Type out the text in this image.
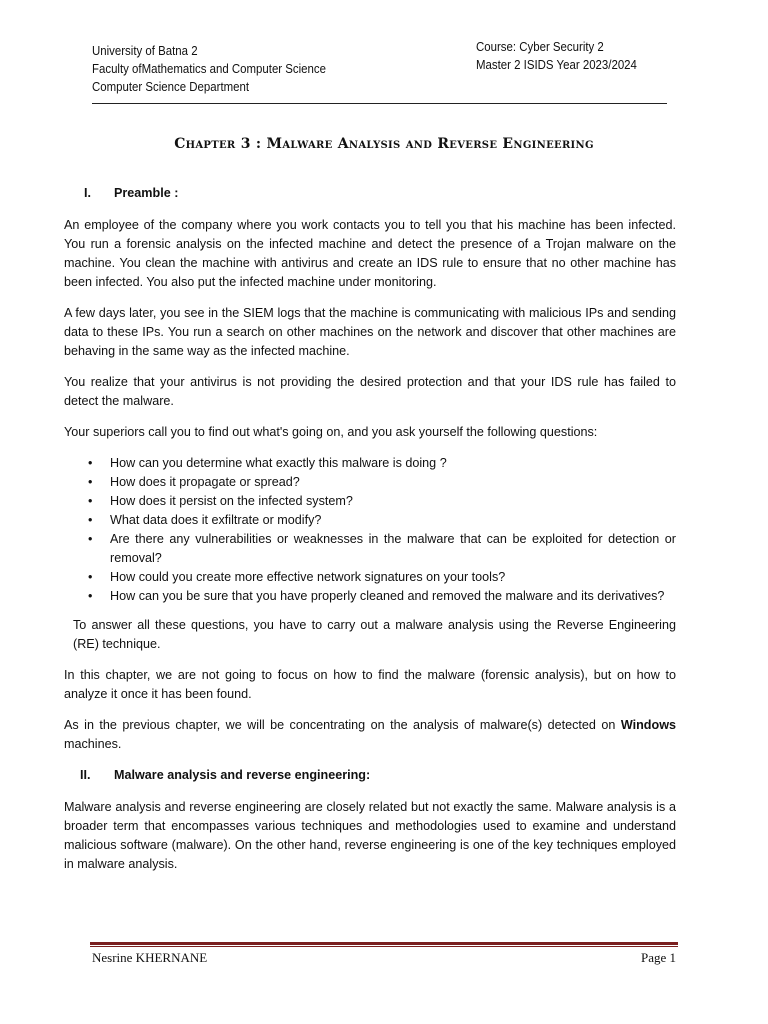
University of Batna 2
Faculty ofMathematics and Computer Science
Computer Science Department
Course: Cyber Security 2
Master 2 ISIDS Year 2023/2024
Chapter 3 : Malware Analysis and Reverse Engineering
I.	Preamble :

An employee of the company where you work contacts you to tell you that his machine has been infected. You run a forensic analysis on the infected machine and detect the presence of a Trojan malware on the machine. You clean the machine with antivirus and create an IDS rule to ensure that no other machine has been infected. You also put the infected machine under monitoring.

A few days later, you see in the SIEM logs that the machine is communicating with malicious IPs and sending data to these IPs. You run a search on other machines on the network and discover that other machines are behaving in the same way as the infected machine.

You realize that your antivirus is not providing the desired protection and that your IDS rule has failed to detect the malware.

Your superiors call you to find out what's going on, and you ask yourself the following questions:

• How can you determine what exactly this malware is doing ?
• How does it propagate or spread?
• How does it persist on the infected system?
• What data does it exfiltrate or modify?
• Are there any vulnerabilities or weaknesses in the malware that can be exploited for detection or removal?
• How could you create more effective network signatures on your tools?
• How can you be sure that you have properly cleaned and removed the malware and its derivatives?

To answer all these questions, you have to carry out a malware analysis using the Reverse Engineering (RE) technique.

In this chapter, we are not going to focus on how to find the malware (forensic analysis), but on how to analyze it once it has been found.

As in the previous chapter, we will be concentrating on the analysis of malware(s) detected on Windows machines.

II.	Malware analysis and reverse engineering:

Malware analysis and reverse engineering are closely related but not exactly the same. Malware analysis is a broader term that encompasses various techniques and methodologies used to examine and understand malicious software (malware). On the other hand, reverse engineering is one of the key techniques employed in malware analysis.

Nesrine KHERNANE	Page 1
